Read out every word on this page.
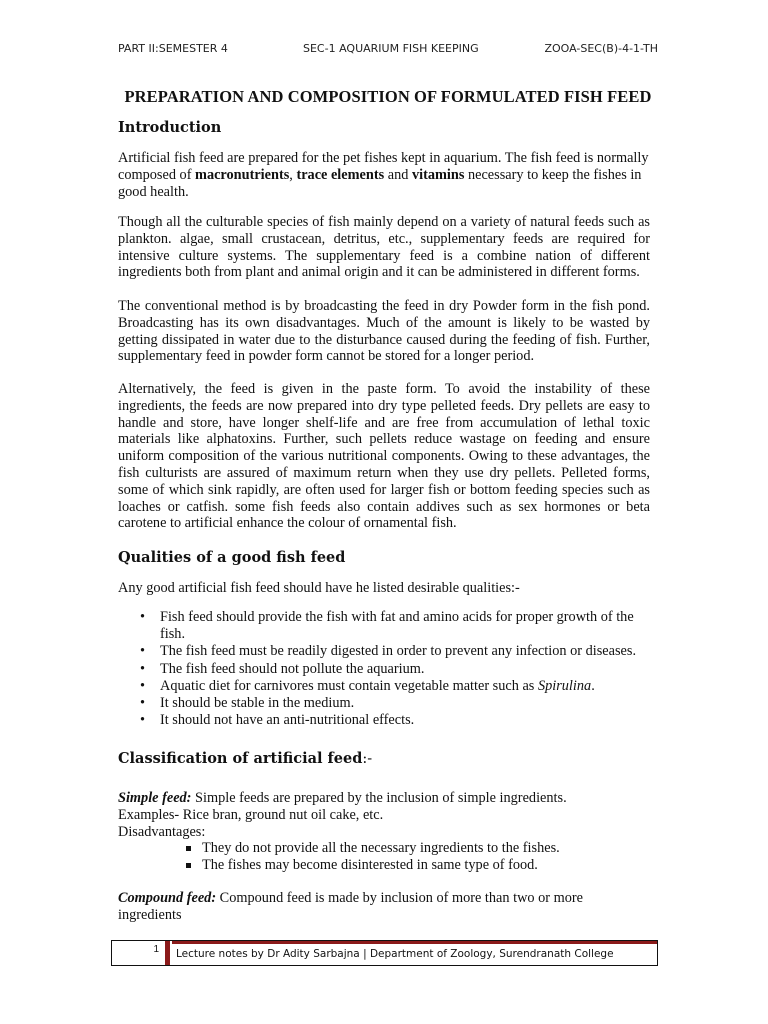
PART II:SEMESTER 4	SEC-1 AQUARIUM FISH KEEPING	ZOOA-SEC(B)-4-1-TH
PREPARATION AND COMPOSITION OF FORMULATED FISH FEED
Introduction
Artificial fish feed are prepared for the pet fishes kept in aquarium. The fish feed is normally composed of macronutrients, trace elements and vitamins necessary to keep the fishes in good health.
Though all the culturable species of fish mainly depend on a variety of natural feeds such as plankton. algae, small crustacean, detritus, etc., supplementary feeds are required for intensive culture systems. The supplementary feed is a combine nation of different ingredients both from plant and animal origin and it can be administered in different forms.
The conventional method is by broadcasting the feed in dry Powder form in the fish pond. Broadcasting has its own disadvantages. Much of the amount is likely to be wasted by getting dissipated in water due to the disturbance caused during the feeding of fish. Further, supplementary feed in powder form cannot be stored for a longer period.
Alternatively, the feed is given in the paste form. To avoid the instability of these ingredients, the feeds are now prepared into dry type pelleted feeds. Dry pellets are easy to handle and store, have longer shelf-life and are free from accumulation of lethal toxic materials like alphatoxins. Further, such pellets reduce wastage on feeding and ensure uniform composition of the various nutritional components. Owing to these advantages, the fish culturists are assured of maximum return when they use dry pellets. Pelleted forms, some of which sink rapidly, are often used for larger fish or bottom feeding species such as loaches or catfish. some fish feeds also contain addives such as sex hormones or beta carotene to artificial enhance the colour of ornamental fish.
Qualities of a good fish feed
Any good artificial fish feed should have he listed desirable qualities:-
• Fish feed should provide the fish with fat and amino acids for proper growth of the fish.
• The fish feed must be readily digested in order to prevent any infection or diseases.
• The fish feed should not pollute the aquarium.
• Aquatic diet for carnivores must contain vegetable matter such as Spirulina.
• It should be stable in the medium.
• It should not have an anti-nutritional effects.
Classification of artificial feed:-
Simple feed: Simple feeds are prepared by the inclusion of simple ingredients.
Examples- Rice bran, ground nut oil cake, etc.
Disadvantages:
They do not provide all the necessary ingredients to the fishes.
The fishes may become disinterested in same type of food.
Compound feed: Compound feed is made by inclusion of more than two or more ingredients
1	Lecture notes by Dr Adity Sarbajna | Department of Zoology, Surendranath College
